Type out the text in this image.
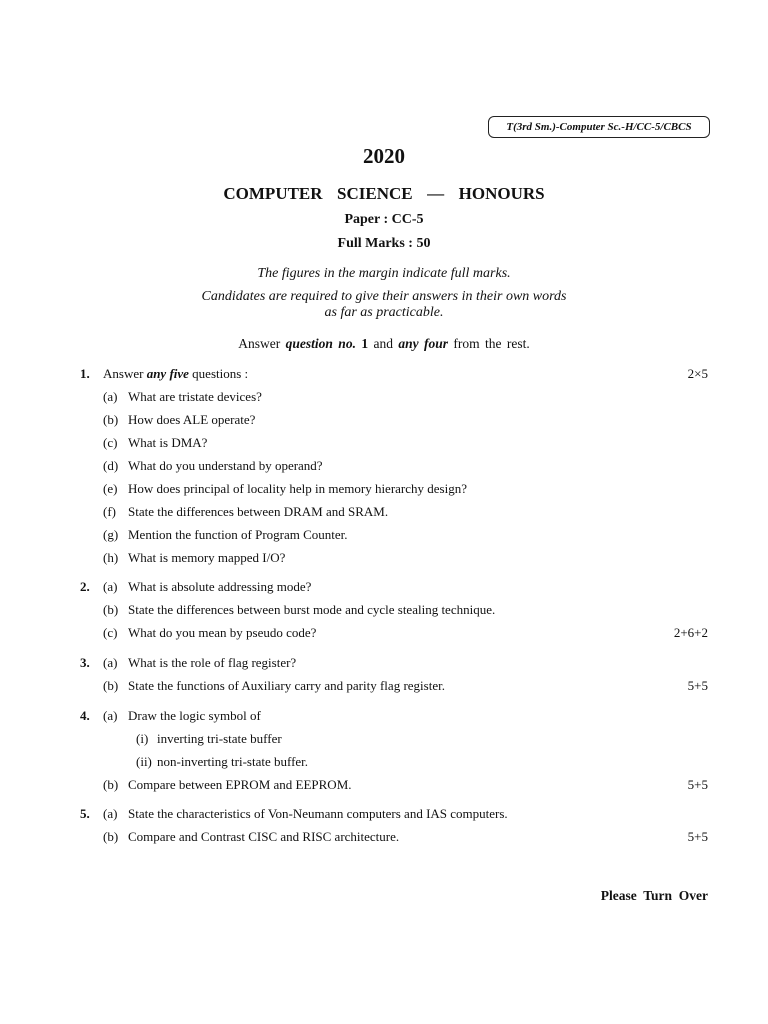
T(3rd Sm.)-Computer Sc.-H/CC-5/CBCS
2020
COMPUTER  SCIENCE  —  HONOURS
Paper : CC-5
Full Marks : 50
The figures in the margin indicate full marks.
Candidates are required to give their answers in their own words
as far as practicable.
Answer question no. 1 and any four from the rest.
1. Answer any five questions :	2×5
(a) What are tristate devices?
(b) How does ALE operate?
(c) What is DMA?
(d) What do you understand by operand?
(e) How does principal of locality help in memory hierarchy design?
(f) State the differences between DRAM and SRAM.
(g) Mention the function of Program Counter.
(h) What is memory mapped I/O?
2. (a) What is absolute addressing mode?
(b) State the differences between burst mode and cycle stealing technique.
(c) What do you mean by pseudo code?	2+6+2
3. (a) What is the role of flag register?
(b) State the functions of Auxiliary carry and parity flag register.	5+5
4. (a) Draw the logic symbol of
(i) inverting tri-state buffer
(ii) non-inverting tri-state buffer.
(b) Compare between EPROM and EEPROM.	5+5
5. (a) State the characteristics of Von-Neumann computers and IAS computers.
(b) Compare and Contrast CISC and RISC architecture.	5+5
Please  Turn  Over
